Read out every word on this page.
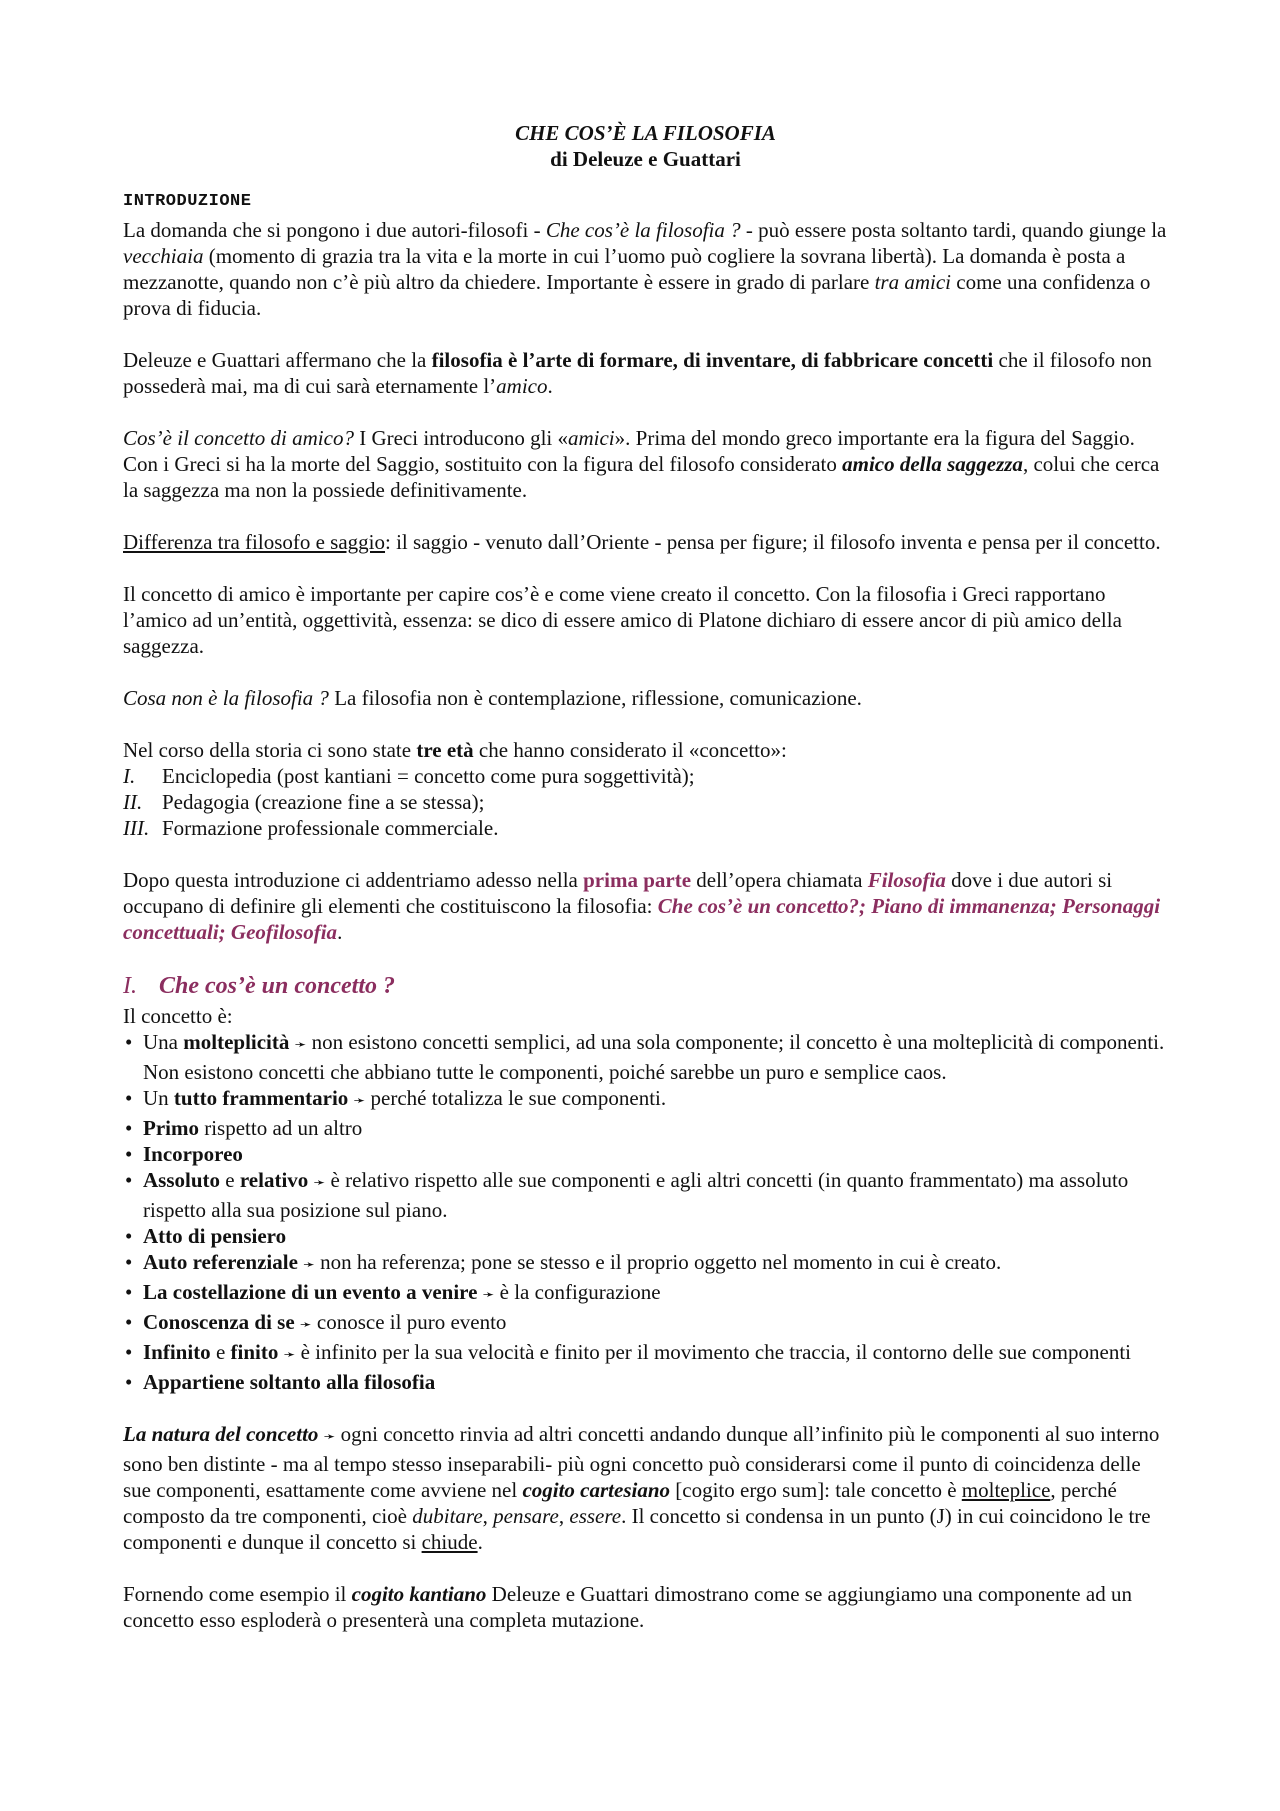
CHE COS’È LA FILOSOFIA
di Deleuze e Guattari
INTRODUZIONE

La domanda che si pongono i due autori-filosofi - Che cos’è la filosofia ? - può essere posta soltanto tardi, quando giunge la vecchiaia (momento di grazia tra la vita e la morte in cui l’uomo può cogliere la sovrana libertà). La domanda è posta a mezzanotte, quando non c’è più altro da chiedere. Importante è essere in grado di parlare tra amici come una confidenza o prova di fiducia.

Deleuze e Guattari affermano che la filosofia è l’arte di formare, di inventare, di fabbricare concetti che il filosofo non possederà mai, ma di cui sarà eternamente l’amico.

Cos’è il concetto di amico? I Greci introducono gli «amici». Prima del mondo greco importante era la figura del Saggio. Con i Greci si ha la morte del Saggio, sostituito con la figura del filosofo considerato amico della saggezza, colui che cerca la saggezza ma non la possiede definitivamente.

Differenza tra filosofo e saggio: il saggio - venuto dall’Oriente - pensa per figure; il filosofo inventa e pensa per il concetto.

Il concetto di amico è importante per capire cos’è e come viene creato il concetto. Con la filosofia i Greci rapportano l’amico ad un’entità, oggettività, essenza: se dico di essere amico di Platone dichiaro di essere ancor di più amico della saggezza.

Cosa non è la filosofia ? La filosofia non è contemplazione, riflessione, comunicazione.

Nel corso della storia ci sono state tre età che hanno considerato il «concetto»:
I. Enciclopedia (post kantiani = concetto come pura soggettività);
II. Pedagogia (creazione fine a se stessa);
III. Formazione professionale commerciale.

Dopo questa introduzione ci addentriamo adesso nella prima parte dell’opera chiamata Filosofia dove i due autori si occupano di definire gli elementi che costituiscono la filosofia: Che cos’è un concetto?; Piano di immanenza; Personaggi concettuali; Geofilosofia.

I. Che cos’è un concetto ?
Il concetto è:
• Una molteplicità ➛ non esistono concetti semplici, ad una sola componente; il concetto è una molteplicità di componenti. Non esistono concetti che abbiano tutte le componenti, poiché sarebbe un puro e semplice caos.
• Un tutto frammentario ➛ perché totalizza le sue componenti.
• Primo rispetto ad un altro
• Incorporeo
• Assoluto e relativo ➛ è relativo rispetto alle sue componenti e agli altri concetti (in quanto frammentato) ma assoluto rispetto alla sua posizione sul piano.
• Atto di pensiero
• Auto referenziale ➛ non ha referenza; pone se stesso e il proprio oggetto nel momento in cui è creato.
• La costellazione di un evento a venire ➛ è la configurazione
• Conoscenza di se ➛ conosce il puro evento
• Infinito e finito ➛ è infinito per la sua velocità e finito per il movimento che traccia, il contorno delle sue componenti
• Appartiene soltanto alla filosofia

La natura del concetto ➛ ogni concetto rinvia ad altri concetti andando dunque all’infinito più le componenti al suo interno sono ben distinte - ma al tempo stesso inseparabili- più ogni concetto può considerarsi come il punto di coincidenza delle sue componenti, esattamente come avviene nel cogito cartesiano [cogito ergo sum]: tale concetto è molteplice, perché composto da tre componenti, cioè dubitare, pensare, essere. Il concetto si condensa in un punto (J) in cui coincidono le tre componenti e dunque il concetto si chiude.

Fornendo come esempio il cogito kantiano Deleuze e Guattari dimostrano come se aggiungiamo una componente ad un concetto esso esploderà o presenterà una completa mutazione.
